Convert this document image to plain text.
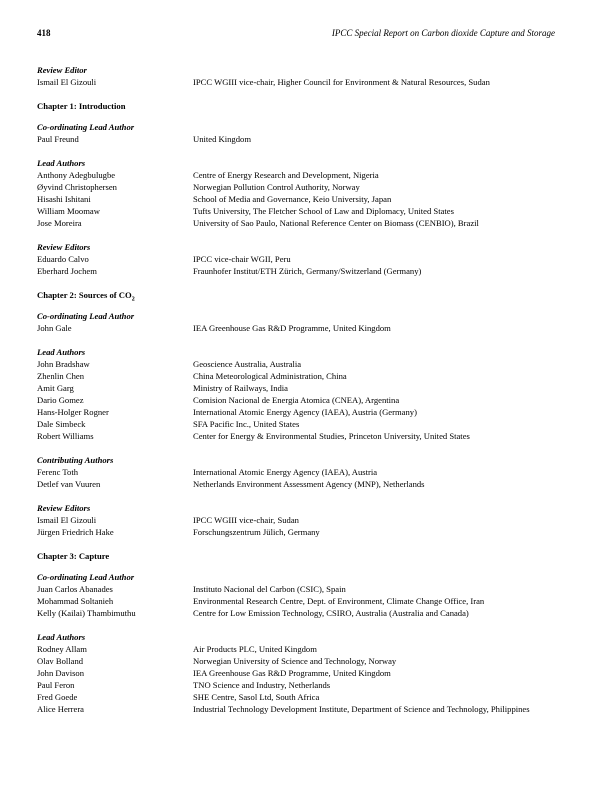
418	IPCC Special Report on Carbon dioxide Capture and Storage
Review Editor
Ismail El Gizouli	IPCC WGIII vice-chair, Higher Council for Environment & Natural Resources, Sudan
Chapter 1: Introduction
Co-ordinating Lead Author
Paul Freund	United Kingdom
Lead Authors
Anthony Adegbulugbe	Centre of Energy Research and Development, Nigeria
Øyvind Christophersen	Norwegian Pollution Control Authority, Norway
Hisashi Ishitani	School of Media and Governance, Keio University, Japan
William Moomaw	Tufts University, The Fletcher School of Law and Diplomacy, United States
Jose Moreira	University of Sao Paulo, National Reference Center on Biomass (CENBIO), Brazil
Review Editors
Eduardo Calvo	IPCC vice-chair WGII, Peru
Eberhard Jochem	Fraunhofer Institut/ETH Zürich, Germany/Switzerland (Germany)
Chapter 2: Sources of $CO_2$
Co-ordinating Lead Author
John Gale	IEA Greenhouse Gas R&D Programme, United Kingdom
Lead Authors
John Bradshaw	Geoscience Australia, Australia
Zhenlin Chen	China Meteorological Administration, China
Amit Garg	Ministry of Railways, India
Dario Gomez	Comision Nacional de Energia Atomica (CNEA), Argentina
Hans-Holger Rogner	International Atomic Energy Agency (IAEA), Austria (Germany)
Dale Simbeck	SFA Pacific Inc., United States
Robert Williams	Center for Energy & Environmental Studies, Princeton University, United States
Contributing Authors
Ferenc Toth	International Atomic Energy Agency (IAEA), Austria
Detlef van Vuuren	Netherlands Environment Assessment Agency (MNP), Netherlands
Review Editors
Ismail El Gizouli	IPCC WGIII vice-chair, Sudan
Jürgen Friedrich Hake	Forschungszentrum Jülich, Germany
Chapter 3: Capture
Co-ordinating Lead Author
Juan Carlos Abanades	Instituto Nacional del Carbon (CSIC), Spain
Mohammad Soltanieh	Environmental Research Centre, Dept. of Environment, Climate Change Office, Iran
Kelly (Kailai) Thambimuthu	Centre for Low Emission Technology, CSIRO, Australia (Australia and Canada)
Lead Authors
Rodney Allam	Air Products PLC, United Kingdom
Olav Bolland	Norwegian University of Science and Technology, Norway
John Davison	IEA Greenhouse Gas R&D Programme, United Kingdom
Paul Feron	TNO Science and Industry, Netherlands
Fred Goede	SHE Centre, Sasol Ltd, South Africa
Alice Herrera	Industrial Technology Development Institute, Department of Science and Technology, Philippines
